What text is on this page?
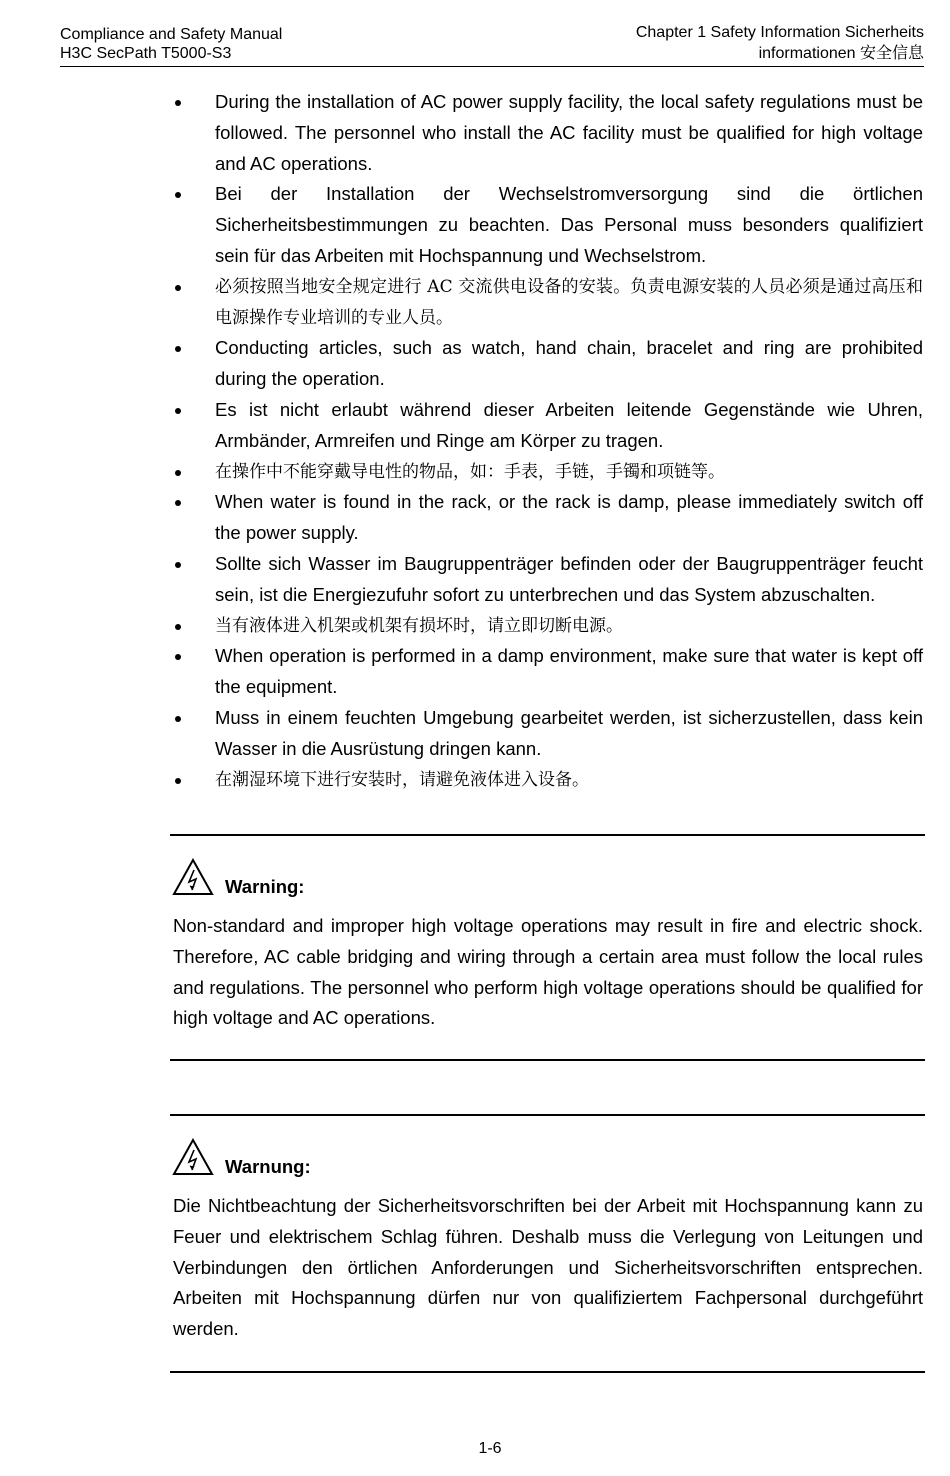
Compliance and Safety Manual
H3C SecPath T5000-S3
Chapter 1 Safety Information Sicherheits
informationen 安全信息
During the installation of AC power supply facility, the local safety regulations must be followed. The personnel who install the AC facility must be qualified for high voltage and AC operations.
Bei der Installation der Wechselstromversorgung sind die örtlichen Sicherheitsbestimmungen zu beachten. Das Personal muss besonders qualifiziert sein für das Arbeiten mit Hochspannung und Wechselstrom.
必须按照当地安全规定进行 AC 交流供电设备的安装。负责电源安装的人员必须是通过高压和电源操作专业培训的专业人员。
Conducting articles, such as watch, hand chain, bracelet and ring are prohibited during the operation.
Es ist nicht erlaubt während dieser Arbeiten leitende Gegenstände wie Uhren, Armbänder, Armreifen und Ringe am Körper zu tragen.
在操作中不能穿戴导电性的物品，如：手表，手链，手镯和项链等。
When water is found in the rack, or the rack is damp, please immediately switch off the power supply.
Sollte sich Wasser im Baugruppenträger befinden oder der Baugruppenträger feucht sein, ist die Energiezufuhr sofort zu unterbrechen und das System abzuschalten.
当有液体进入机架或机架有损坏时，请立即切断电源。
When operation is performed in a damp environment, make sure that water is kept off the equipment.
Muss in einem feuchten Umgebung gearbeitet werden, ist sicherzustellen, dass kein Wasser in die Ausrüstung dringen kann.
在潮湿环境下进行安装时，请避免液体进入设备。
Warning:

Non-standard and improper high voltage operations may result in fire and electric shock. Therefore, AC cable bridging and wiring through a certain area must follow the local rules and regulations. The personnel who perform high voltage operations should be qualified for high voltage and AC operations.

Warnung:

Die Nichtbeachtung der Sicherheitsvorschriften bei der Arbeit mit Hochspannung kann zu Feuer und elektrischem Schlag führen. Deshalb muss die Verlegung von Leitungen und Verbindungen den örtlichen Anforderungen und Sicherheitsvorschriften entsprechen. Arbeiten mit Hochspannung dürfen nur von qualifiziertem Fachpersonal durchgeführt werden.

1-6
